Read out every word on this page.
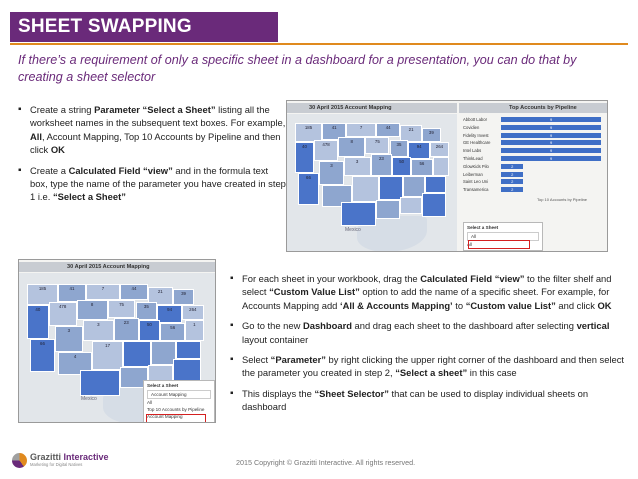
SHEET SWAPPING
If there’s a requirement of only a specific sheet in a dashboard for a presentation, you can do that by creating a sheet selector
▪ Create a string Parameter “Select a Sheet” listing all the worksheet names in the subsequent text boxes. For example, All, Account Mapping, Top 10 Accounts by Pipeline and then click OK
▪ Create a Calculated Field “view” and in the formula text box, type the name of the parameter you have created in step 1 i.e. “Select a Sheet”
30 April 2015 Account Mapping
185	41	7	44	21	39
40	478	8	75	35	94	264
66
3
3	23	50	56
Mexico
Top Accounts by Pipeline
Abbott Labor	9
Covidien	9
Fidelity Invest	9
GE Healthcare	9
Intel Labs	9
ThinkLead	9
GlowKids Pilo	2
Leiberman	2
Saint Leo Uni	2
Transamerica	2
Top 10 Accounts by Pipeline
Select a Sheet
All
All
30 April 2015 Account Mapping
185	41	7	44
21
39
40
478
8	75
35
94	264
66
3
3
23
50
56
1
4
17
Mexico
Select a Sheet
Account Mapping
All
Top 10 Accounts by Pipeline
Account Mapping
▪ For each sheet in your workbook, drag the Calculated Field “view” to the filter shelf and select “Custom Value List” option to add the name of a specific sheet. For example, for Accounts Mapping add ‘All & Accounts Mapping’ to “Custom value List” and click OK
▪ Go to the new Dashboard and drag each sheet to the dashboard after selecting vertical layout container
▪ Select “Parameter” by right clicking the upper right corner of the dashboard and then select the parameter you created in step 2, “Select a sheet” in this case
▪ This displays the “Sheet Selector” that can be used to display individual sheets on dashboard
Grazitti Interactive
Marketing for Digital Natives	2015 Copyright © Grazitti Interactive. All rights reserved.
